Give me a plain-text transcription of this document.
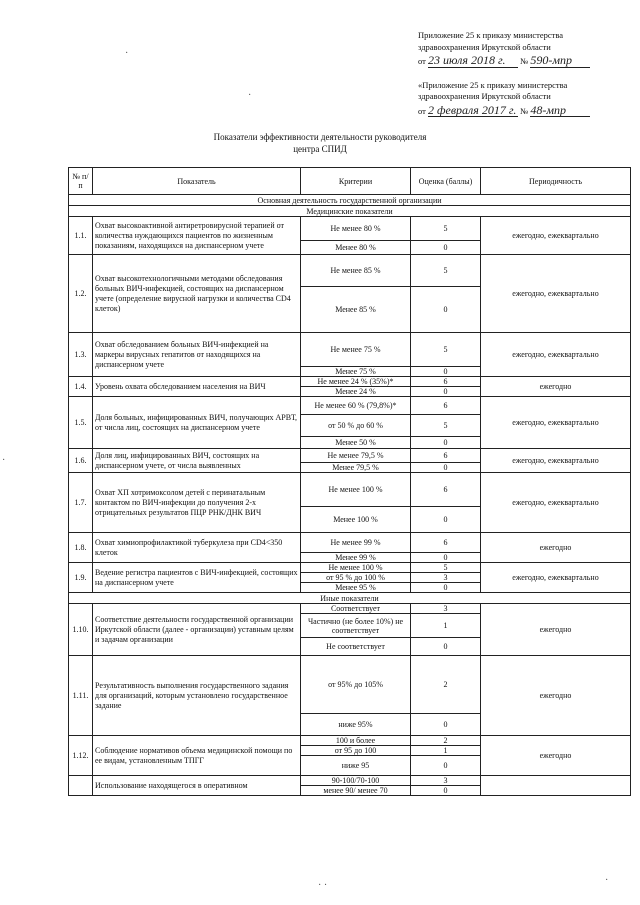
Приложение 25 к приказу министерства
здравоохранения Иркутской области
от 23 июля 2018 г. № 590-мпр
«Приложение 25 к приказу министерства
здравоохранения Иркутской области
от 2 февраля 2017 г. № 48-мпр
·
·
·
· ·	·
Показатели эффективности деятельности руководителя
центра СПИД
№ п/п	Показатель	Критерии	Оценка (баллы)	Периодичность
Основная деятельность государственной организации				
Медицинские показатели				
1.1.	Охват высокоактивной антиретровирусной терапией от количества нуждающихся пациентов по жизненным показаниям, находящихся на диспансерном учете	Не менее 80 %	5	ежегодно, ежеквартально
		Менее 80 %	0	
1.2.	Охват высокотехнологичными методами обследования больных ВИЧ-инфекцией, состоящих на диспансерном учете (определение вирусной нагрузки и количества CD4 клеток)	Не менее 85 %	5	ежегодно, ежеквартально
		Менее 85 %	0	
1.3.	Охват обследованием больных ВИЧ-инфекцией на маркеры вирусных гепатитов от находящихся на диспансерном учете	Не менее 75 %	5	ежегодно, ежеквартально
		Менее 75 %	0	
1.4.	Уровень охвата обследованием населения на ВИЧ	Не менее 24 % (35%)*	6	ежегодно
		Менее 24 %	0	
1.5.	Доля больных, инфицированных ВИЧ, получающих АРВТ, от числа лиц, состоящих на диспансерном учете	Не менее 60 % (79,8%)*	6	ежегодно, ежеквартально
		от 50 % до 60 %	5	
		Менее 50 %	0	
1.6.	Доля лиц, инфицированных ВИЧ, состоящих на диспансерном учете, от числа выявленных	Не менее 79,5 %	6	ежегодно, ежеквартально
		Менее 79,5 %	0	
1.7.	Охват ХП хотримоксолом детей с перинатальным контактом по ВИЧ-инфекции до получения 2-х отрицательных результатов ПЦР РНК/ДНК ВИЧ	Не менее 100 %	6	ежегодно, ежеквартально
		Менее 100 %	0	
1.8.	Охват химиопрофилактикой туберкулеза при CD4<350 клеток	Не менее 99 %	6	ежегодно
		Менее 99 %	0	
1.9.	Ведение регистра пациентов с ВИЧ-инфекцией, состоящих на диспансерном учете	Не менее 100 %	5	ежегодно, ежеквартально
		от 95 % до 100 %	3	
		Менее 95 %	0	
Иные показатели				
1.10.	Соответствие деятельности государственной организации Иркутской области (далее - организации) уставным целям и задачам организации	Соответствует	3	ежегодно
		Частично (не более 10%) не соответствует	1	
		Не соответствует	0	
1.11.	Результативность выполнения государственного задания для организаций, которым установлено государственное задание	от 95% до 105%	2	ежегодно
		ниже 95%	0	
1.12.	Соблюдение нормативов объема медицинской помощи по ее видам, установленным ТПГГ	100 и более	2	ежегодно
		от 95 до 100	1	
		ниже 95	0	
	Использование находящегося в оперативном	90-100/70-100	3	
		менее 90/ менее 70	0	
